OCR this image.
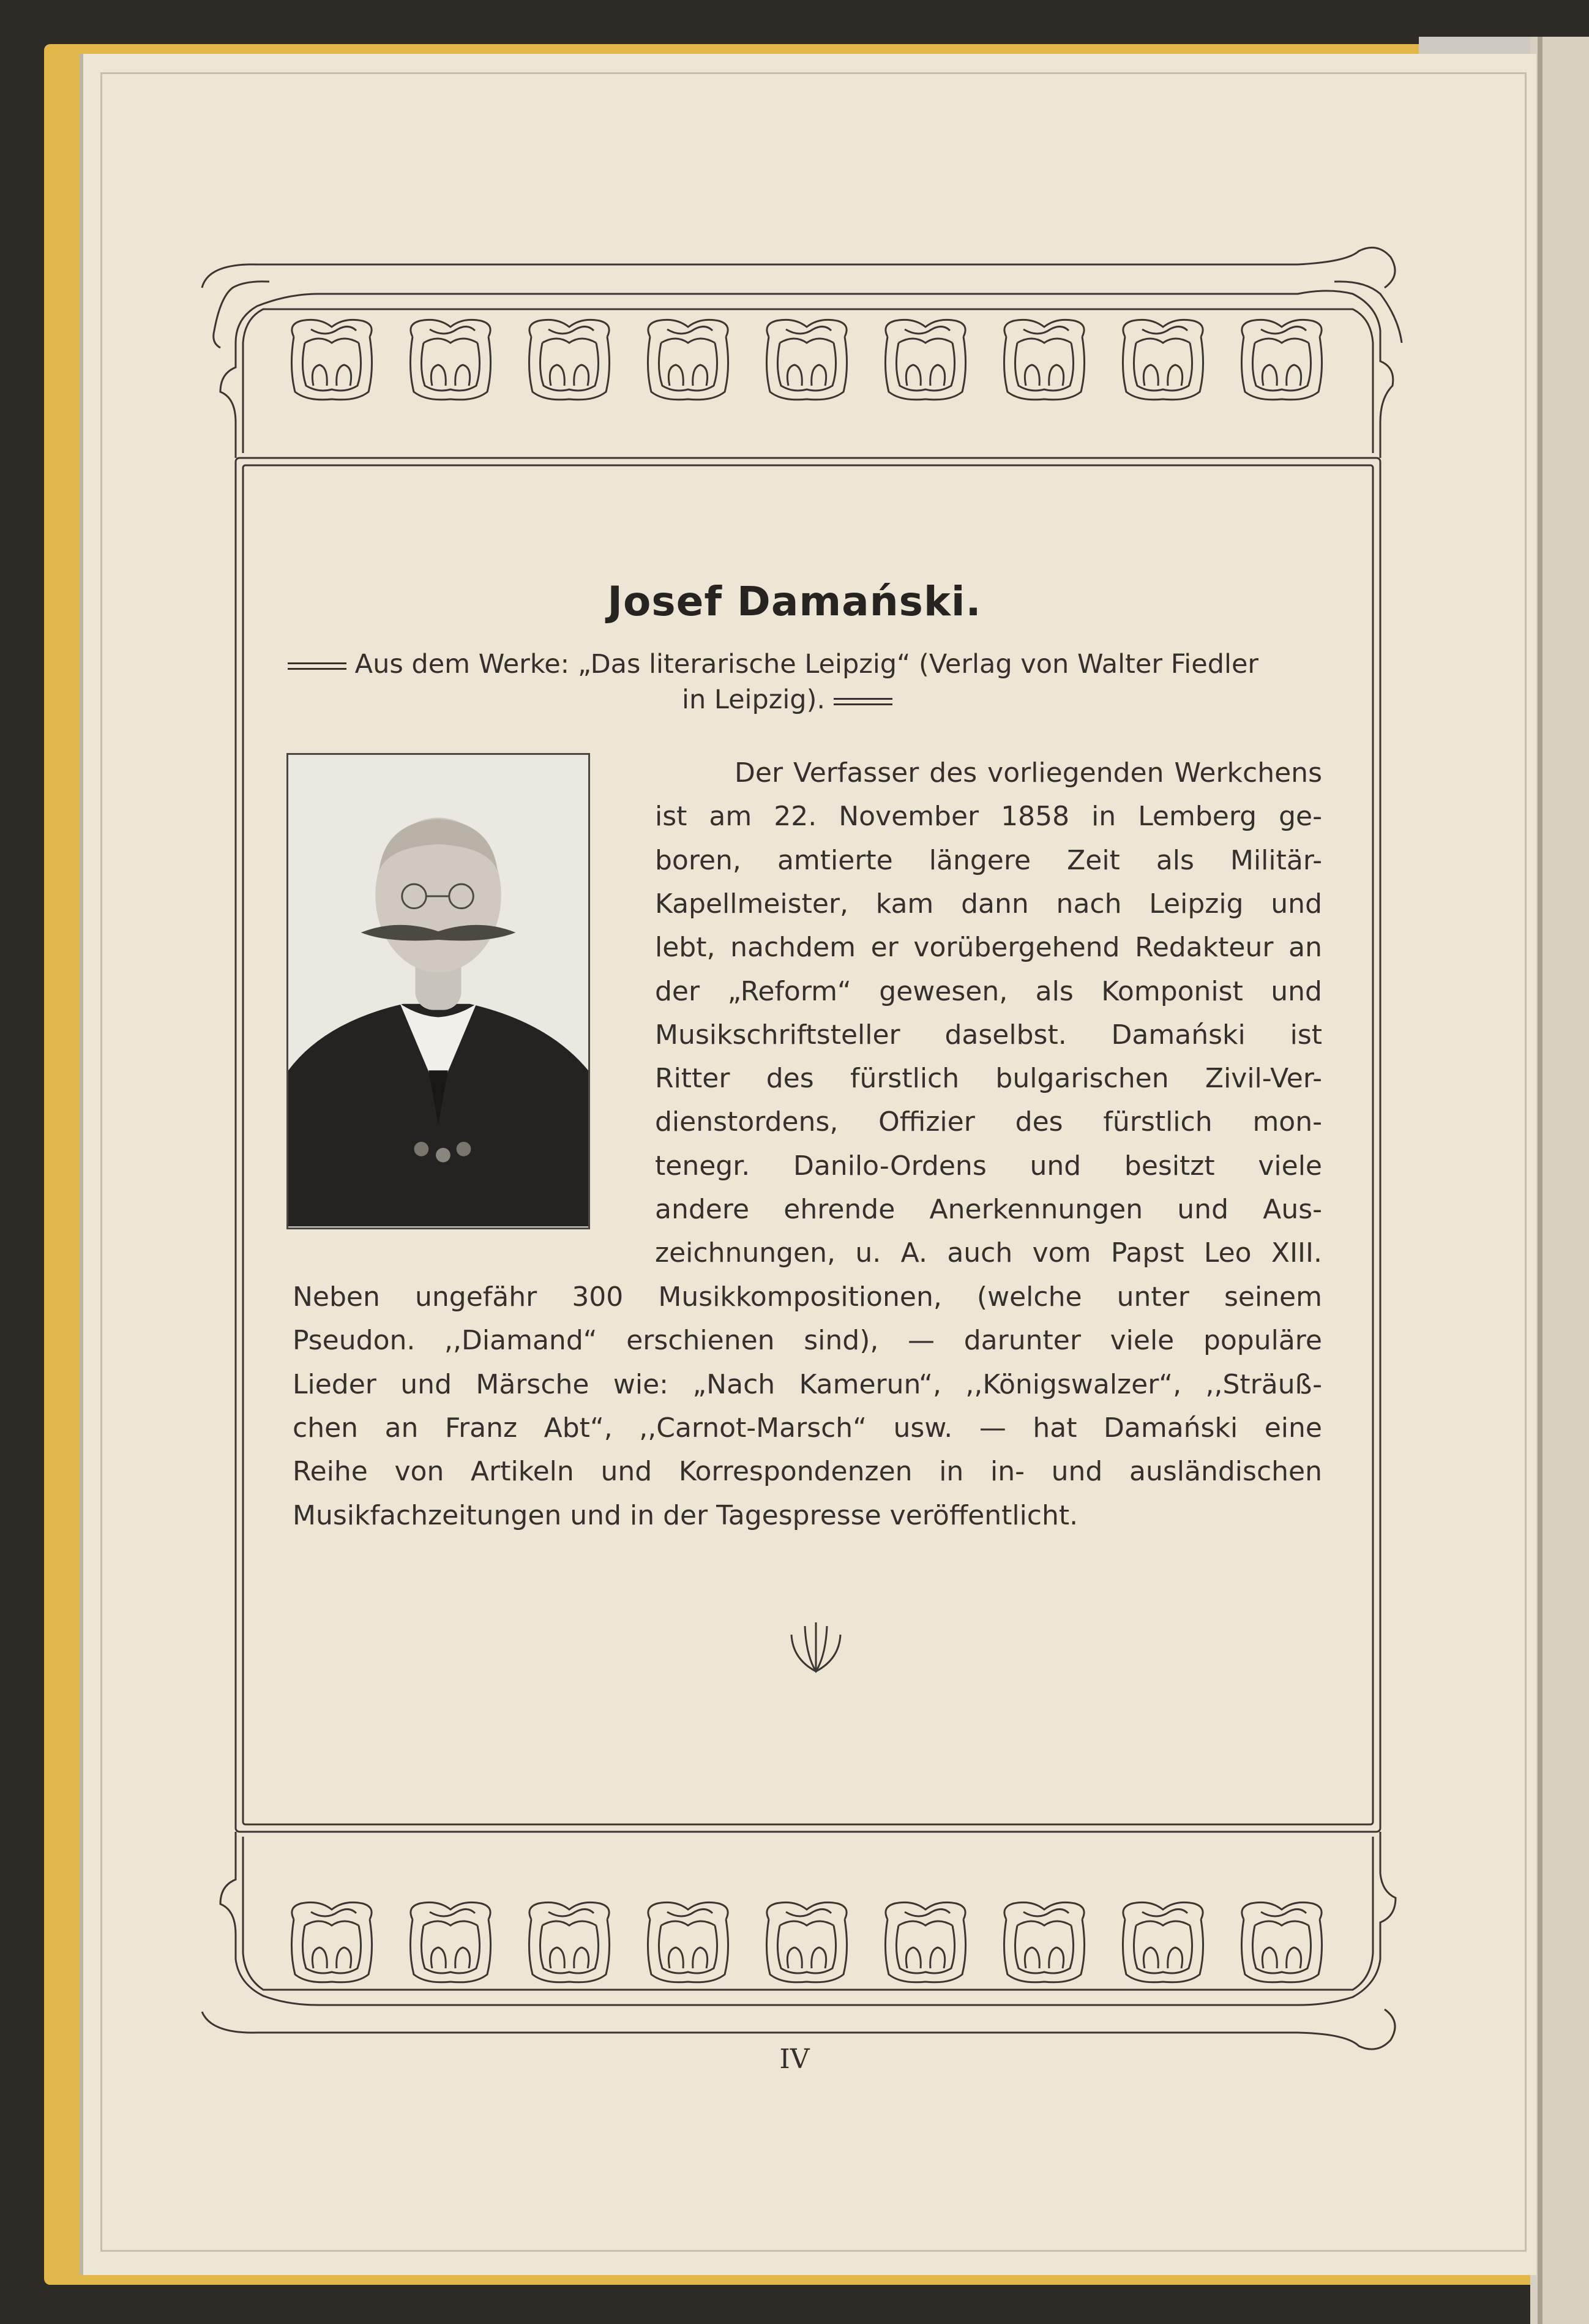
Josef Damański.
Aus dem Werke: „Das literarische Leipzig“ (Verlag von Walter Fiedler
in Leipzig).
Der Verfasser des vorliegenden Werkchens
ist am 22. November 1858 in Lemberg ge-
boren, amtierte längere Zeit als Militär-
Kapellmeister, kam dann nach Leipzig und
lebt, nachdem er vorübergehend Redakteur an
der „Reform“ gewesen, als Komponist und
Musikschriftsteller daselbst. Damański ist
Ritter des fürstlich bulgarischen Zivil-Ver-
dienstordens, Offizier des fürstlich mon-
tenegr. Danilo-Ordens und besitzt viele
andere ehrende Anerkennungen und Aus-
zeichnungen, u. A. auch vom Papst Leo XIII.
Neben ungefähr 300 Musikkompositionen, (welche unter seinem
Pseudon. ,,Diamand“ erschienen sind), — darunter viele populäre
Lieder und Märsche wie: „Nach Kamerun“, ,,Königswalzer“, ,,Sträuß-
chen an Franz Abt“, ,,Carnot-Marsch“ usw. — hat Damański eine
Reihe von Artikeln und Korrespondenzen in in- und ausländischen
Musikfachzeitungen und in der Tagespresse veröffentlicht.
IV
